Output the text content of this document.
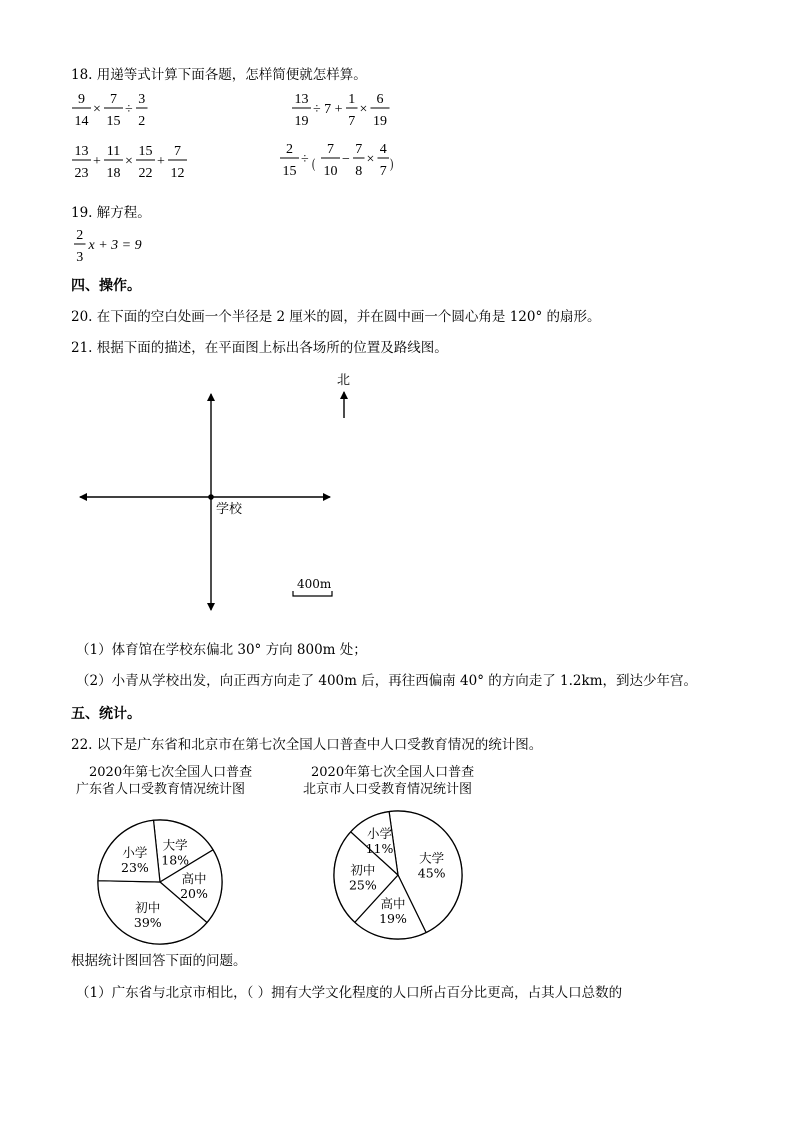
18. 用递等式计算下面各题，怎样简便就怎样算。
9
14
×
7
15
÷
3
2
13
19
÷ 7 +
1
7
×
6
19
13
23
+
11
18
×
15
22
+
7
12
2
15
÷ (
7
10
−
7
8
×
4
7
)
19. 解方程。
2
3
x + 3 = 9
四、操作。
20. 在下面的空白处画一个半径是 2 厘米的圆，并在圆中画一个圆心角是 120° 的扇形。
21. 根据下面的描述，在平面图上标出各场所的位置及路线图。
学校
北
400m
（1）体育馆在学校东偏北 30° 方向 800m 处；
（2）小青从学校出发，向正西方向走了 400m 后，再往西偏南 40° 的方向走了 1.2km，到达少年宫。
五、统计。
22. 以下是广东省和北京市在第七次全国人口普查中人口受教育情况的统计图。
2020年第七次全国人口普查
广东省人口受教育情况统计图
2020年第七次全国人口普查
北京市人口受教育情况统计图
大学
18%
高中
20%
初中
39%
小学
23%
大学
45%
高中
19%
初中
25%
小学
11%
根据统计图回答下面的问题。
（1）广东省与北京市相比，（ ）拥有大学文化程度的人口所占百分比更高，占其人口总数的
